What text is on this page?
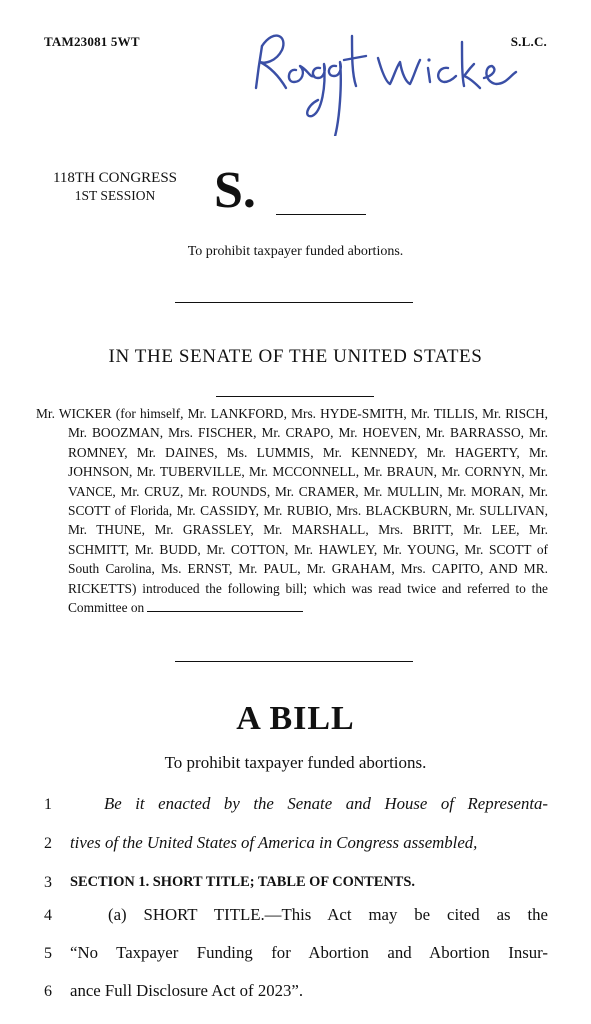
TAM23081 5WT	S.L.C.
118TH CONGRESS
1ST SESSION	S.
To prohibit taxpayer funded abortions.
IN THE SENATE OF THE UNITED STATES
Mr. WICKER (for himself, Mr. LANKFORD, Mrs. HYDE-SMITH, Mr. TILLIS, Mr. RISCH, Mr. BOOZMAN, Mrs. FISCHER, Mr. CRAPO, Mr. HOEVEN, Mr. BARRASSO, Mr. ROMNEY, Mr. DAINES, Ms. LUMMIS, Mr. KENNEDY, Mr. HAGERTY, Mr. JOHNSON, Mr. TUBERVILLE, Mr. MCCONNELL, Mr. BRAUN, Mr. CORNYN, Mr. VANCE, Mr. CRUZ, Mr. ROUNDS, Mr. CRAMER, Mr. MULLIN, Mr. MORAN, Mr. SCOTT of Florida, Mr. CASSIDY, Mr. RUBIO, Mrs. BLACKBURN, Mr. SULLIVAN, Mr. THUNE, Mr. GRASSLEY, Mr. MARSHALL, Mrs. BRITT, Mr. LEE, Mr. SCHMITT, Mr. BUDD, Mr. COTTON, Mr. HAWLEY, Mr. YOUNG, Mr. SCOTT of South Carolina, Ms. ERNST, Mr. PAUL, Mr. GRAHAM, Mrs. CAPITO, AND MR. RICKETTS) introduced the following bill; which was read twice and referred to the Committee on
A BILL
To prohibit taxpayer funded abortions.
1	Be it enacted by the Senate and House of Representa-
2	tives of the United States of America in Congress assembled,
3	SECTION 1. SHORT TITLE; TABLE OF CONTENTS.
4	(a) SHORT TITLE.—This Act may be cited as the
5	“No Taxpayer Funding for Abortion and Abortion Insur-
6	ance Full Disclosure Act of 2023”.
